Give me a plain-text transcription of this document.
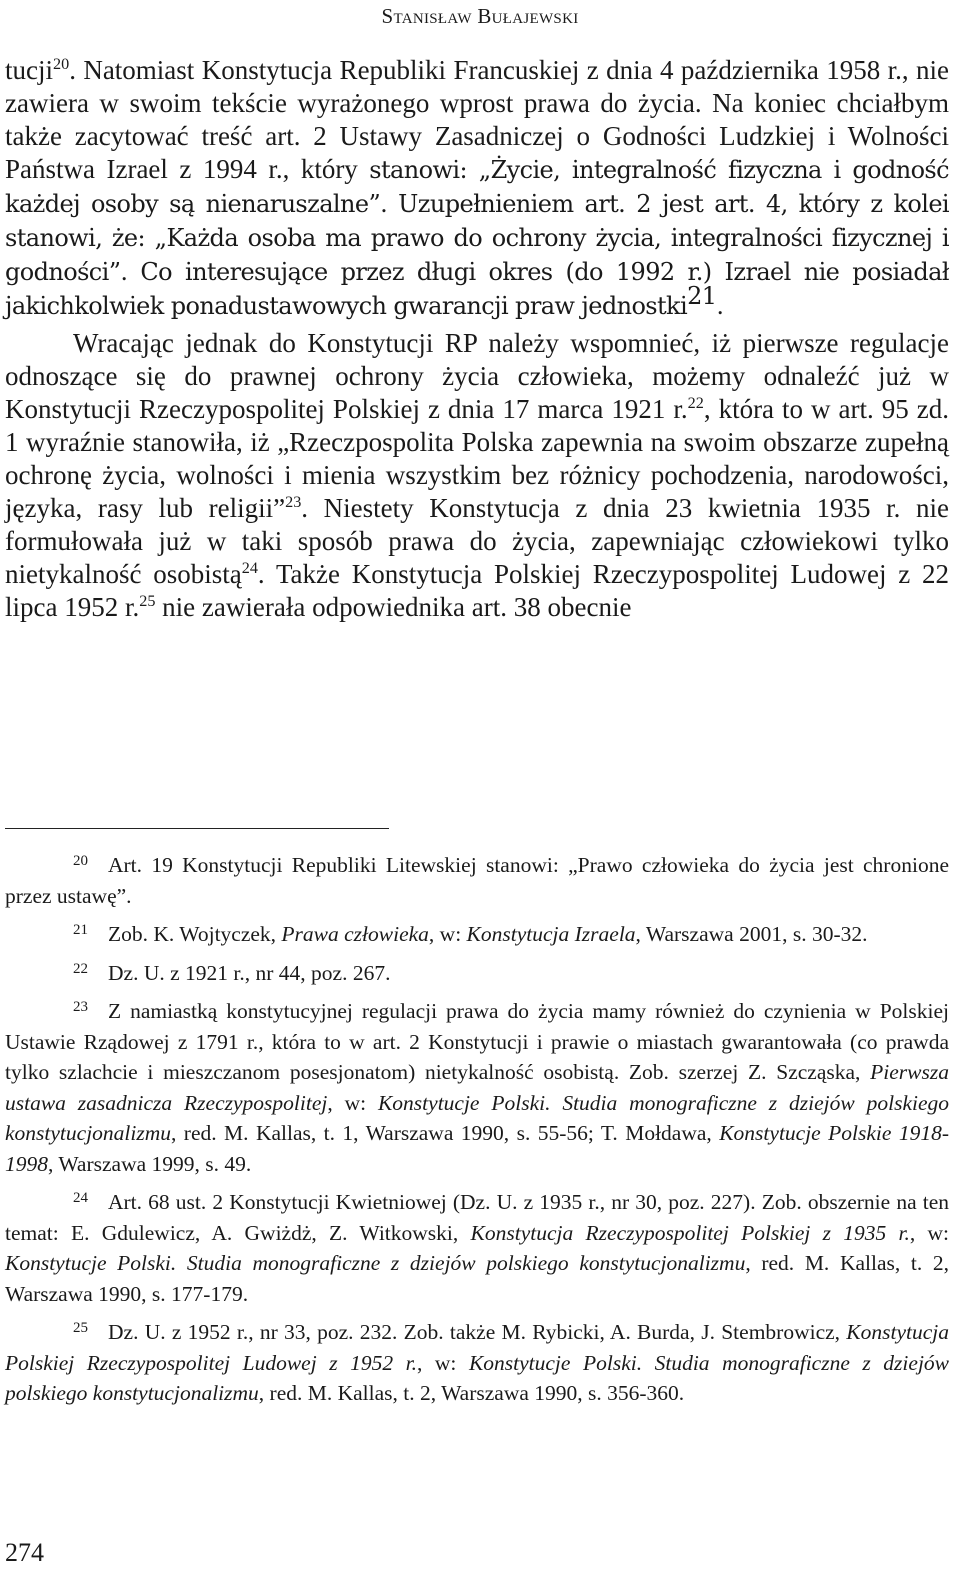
Stanisław Bułajewski

tucji$^{20}$. Natomiast Konstytucja Republiki Francuskiej z dnia 4 października 1958 r., nie zawiera w swoim tekście wyrażonego wprost prawa do życia. Na koniec chciałbym także zacytować treść art. 2 Ustawy Zasadniczej o Godności Ludzkiej i Wolności Państwa Izrael z 1994 r., który stanowi: „Życie, integralność fizyczna i godność każdej osoby są nienaruszalne”. Uzupełnieniem art. 2 jest art. 4, który z kolei stanowi, że: „Każda osoba ma prawo do ochrony życia, integralności fizycznej i godności”. Co interesujące przez długi okres (do 1992 r.) Izrael nie posiadał jakichkolwiek ponadustawowych gwarancji praw jednostki$^{21}$.

Wracając jednak do Konstytucji RP należy wspomnieć, iż pierwsze regulacje odnoszące się do prawnej ochrony życia człowieka, możemy odnaleźć już w Konstytucji Rzeczypospolitej Polskiej z dnia 17 marca 1921 r.$^{22}$, która to w art. 95 zd. 1 wyraźnie stanowiła, iż „Rzeczpospolita Polska zapewnia na swoim obszarze zupełną ochronę życia, wolności i mienia wszystkim bez różnicy pochodzenia, narodowości, języka, rasy lub religii”$^{23}$. Niestety Konstytucja z dnia 23 kwietnia 1935 r. nie formułowała już w taki sposób prawa do życia, zapewniając człowiekowi tylko nietykalność osobistą$^{24}$. Także Konstytucja Polskiej Rzeczypospolitej Ludowej z 22 lipca 1952 r.$^{25}$ nie zawierała odpowiednika art. 38 obecnie

$^{20}$ Art. 19 Konstytucji Republiki Litewskiej stanowi: „Prawo człowieka do życia jest chronione przez ustawę”.

$^{21}$ Zob. K. Wojtyczek, Prawa człowieka, w: Konstytucja Izraela, Warszawa 2001, s. 30-32.

$^{22}$ Dz. U. z 1921 r., nr 44, poz. 267.

$^{23}$ Z namiastką konstytucyjnej regulacji prawa do życia mamy również do czynienia w Polskiej Ustawie Rządowej z 1791 r., która to w art. 2 Konstytucji i prawie o miastach gwarantowała (co prawda tylko szlachcie i mieszczanom posesjonatom) nietykalność osobistą. Zob. szerzej Z. Szcząska, Pierwsza ustawa zasadnicza Rzeczypospolitej, w: Konstytucje Polski. Studia monograficzne z dziejów polskiego konstytucjonalizmu, red. M. Kallas, t. 1, Warszawa 1990, s. 55-56; T. Mołdawa, Konstytucje Polskie 1918-1998, Warszawa 1999, s. 49.

$^{24}$ Art. 68 ust. 2 Konstytucji Kwietniowej (Dz. U. z 1935 r., nr 30, poz. 227). Zob. obszernie na ten temat: E. Gdulewicz, A. Gwiżdż, Z. Witkowski, Konstytucja Rzeczypospolitej Polskiej z 1935 r., w: Konstytucje Polski. Studia monograficzne z dziejów polskiego konstytucjonalizmu, red. M. Kallas, t. 2, Warszawa 1990, s. 177-179.

$^{25}$ Dz. U. z 1952 r., nr 33, poz. 232. Zob. także M. Rybicki, A. Burda, J. Stembrowicz, Konstytucja Polskiej Rzeczypospolitej Ludowej z 1952 r., w: Konstytucje Polski. Studia monograficzne z dziejów polskiego konstytucjonalizmu, red. M. Kallas, t. 2, Warszawa 1990, s. 356-360.

274
